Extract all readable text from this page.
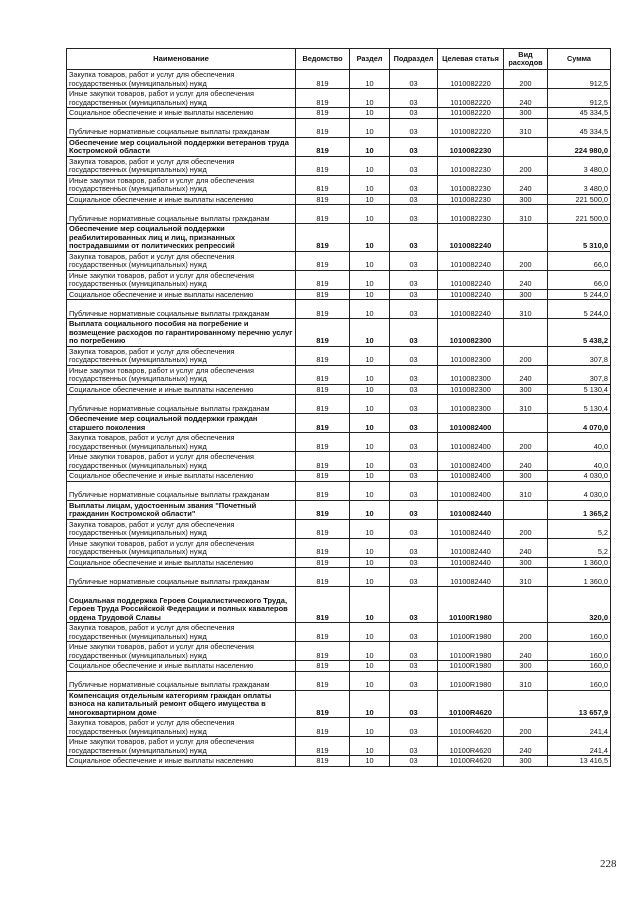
Наименование	Ведомство	Раздел	Подраздел	Целевая статья	Вид расходов	Сумма
Закупка товаров, работ и услуг для обеспечения государственных (муниципальных) нужд	819	10	03	1010082220	200	912,5
Иные закупки товаров, работ и услуг для обеспечения государственных (муниципальных) нужд	819	10	03	1010082220	240	912,5
Социальное обеспечение и иные выплаты населению	819	10	03	1010082220	300	45 334,5
Публичные нормативные социальные выплаты гражданам	819	10	03	1010082220	310	45 334,5
Обеспечение мер социальной поддержки ветеранов труда Костромской области	819	10	03	1010082230		224 980,0
Закупка товаров, работ и услуг для обеспечения государственных (муниципальных) нужд	819	10	03	1010082230	200	3 480,0
Иные закупки товаров, работ и услуг для обеспечения государственных (муниципальных) нужд	819	10	03	1010082230	240	3 480,0
Социальное обеспечение и иные выплаты населению	819	10	03	1010082230	300	221 500,0
Публичные нормативные социальные выплаты гражданам	819	10	03	1010082230	310	221 500,0
Обеспечение мер социальной поддержки реабилитированных лиц и лиц, признанных пострадавшими от политических репрессий	819	10	03	1010082240		5 310,0
Закупка товаров, работ и услуг для обеспечения государственных (муниципальных) нужд	819	10	03	1010082240	200	66,0
Иные закупки товаров, работ и услуг для обеспечения государственных (муниципальных) нужд	819	10	03	1010082240	240	66,0
Социальное обеспечение и иные выплаты населению	819	10	03	1010082240	300	5 244,0
Публичные нормативные социальные выплаты гражданам	819	10	03	1010082240	310	5 244,0
Выплата социального пособия на погребение и возмещение расходов по гарантированному перечню услуг по погребению	819	10	03	1010082300		5 438,2
Закупка товаров, работ и услуг для обеспечения государственных (муниципальных) нужд	819	10	03	1010082300	200	307,8
Иные закупки товаров, работ и услуг для обеспечения государственных (муниципальных) нужд	819	10	03	1010082300	240	307,8
Социальное обеспечение и иные выплаты населению	819	10	03	1010082300	300	5 130,4
Публичные нормативные социальные выплаты гражданам	819	10	03	1010082300	310	5 130,4
Обеспечение мер социальной поддержки граждан старшего поколения	819	10	03	1010082400		4 070,0
Закупка товаров, работ и услуг для обеспечения государственных (муниципальных) нужд	819	10	03	1010082400	200	40,0
Иные закупки товаров, работ и услуг для обеспечения государственных (муниципальных) нужд	819	10	03	1010082400	240	40,0
Социальное обеспечение и иные выплаты населению	819	10	03	1010082400	300	4 030,0
Публичные нормативные социальные выплаты гражданам	819	10	03	1010082400	310	4 030,0
Выплаты лицам, удостоенным звания "Почетный гражданин Костромской области"	819	10	03	1010082440		1 365,2
Закупка товаров, работ и услуг для обеспечения государственных (муниципальных) нужд	819	10	03	1010082440	200	5,2
Иные закупки товаров, работ и услуг для обеспечения государственных (муниципальных) нужд	819	10	03	1010082440	240	5,2
Социальное обеспечение и иные выплаты населению	819	10	03	1010082440	300	1 360,0
Публичные нормативные социальные выплаты гражданам	819	10	03	1010082440	310	1 360,0
Социальная поддержка Героев Социалистического Труда, Героев Труда Российской Федерации и полных кавалеров ордена Трудовой Славы	819	10	03	10100R1980		320,0
Закупка товаров, работ и услуг для обеспечения государственных (муниципальных) нужд	819	10	03	10100R1980	200	160,0
Иные закупки товаров, работ и услуг для обеспечения государственных (муниципальных) нужд	819	10	03	10100R1980	240	160,0
Социальное обеспечение и иные выплаты населению	819	10	03	10100R1980	300	160,0
Публичные нормативные социальные выплаты гражданам	819	10	03	10100R1980	310	160,0
Компенсация отдельным категориям граждан оплаты взноса на капитальный ремонт общего имущества в многоквартирном доме	819	10	03	10100R4620		13 657,9
Закупка товаров, работ и услуг для обеспечения государственных (муниципальных) нужд	819	10	03	10100R4620	200	241,4
Иные закупки товаров, работ и услуг для обеспечения государственных (муниципальных) нужд	819	10	03	10100R4620	240	241,4
Социальное обеспечение и иные выплаты населению	819	10	03	10100R4620	300	13 416,5
228
